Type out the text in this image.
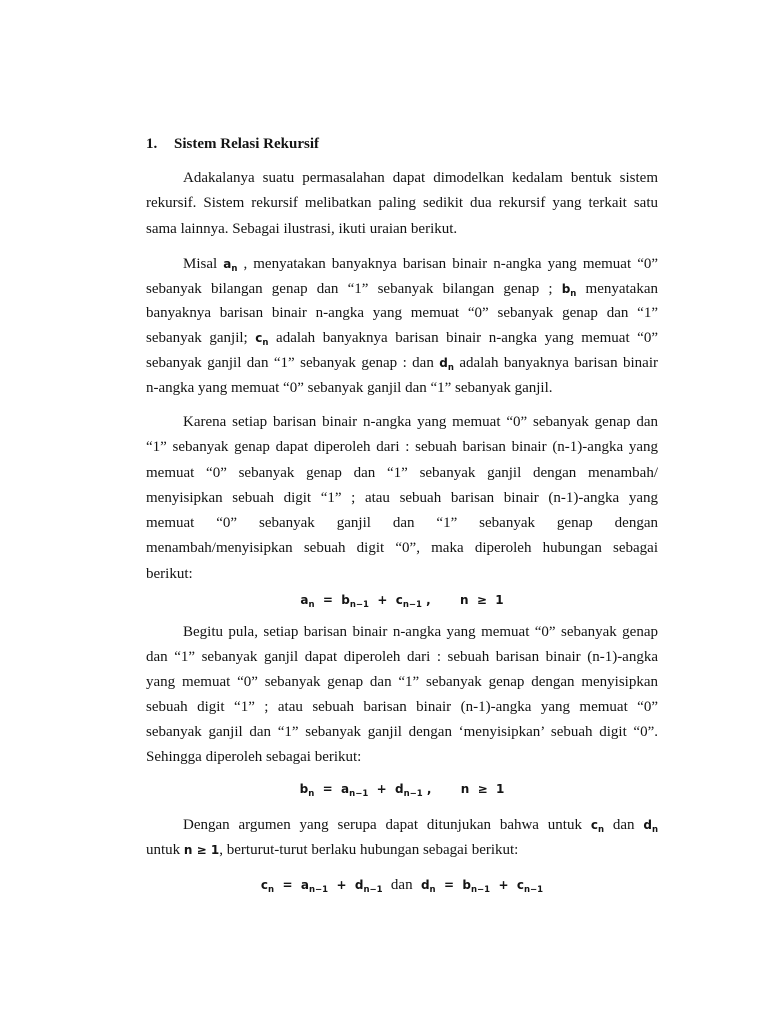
1. Sistem Relasi Rekursif
Adakalanya suatu permasalahan dapat dimodelkan kedalam bentuk sistem
rekursif. Sistem rekursif melibatkan paling sedikit dua rekursif yang terkait satu
sama lainnya. Sebagai ilustrasi, ikuti uraian berikut.
Misal $a_n$ , menyatakan banyaknya barisan binair n-angka yang memuat “0”
sebanyak bilangan genap dan “1” sebanyak bilangan genap ; $b_n$ menyatakan
banyaknya barisan binair n-angka yang memuat “0” sebanyak genap dan “1”
sebanyak ganjil; $c_n$ adalah banyaknya barisan binair n-angka yang memuat “0”
sebanyak ganjil dan “1” sebanyak genap : dan $d_n$ adalah banyaknya barisan binair
n-angka yang memuat “0” sebanyak ganjil dan “1” sebanyak ganjil.
Karena setiap barisan binair n-angka yang memuat “0” sebanyak genap dan
“1” sebanyak genap dapat diperoleh dari : sebuah barisan binair (n-1)-angka yang
memuat “0” sebanyak genap dan “1” sebanyak ganjil dengan menambah/
menyisipkan sebuah digit “1” ; atau sebuah barisan binair (n-1)-angka yang
memuat “0” sebanyak ganjil dan “1” sebanyak genap dengan
menambah/menyisipkan sebuah digit “0”, maka diperoleh hubungan sebagai
berikut:
$a_n = b_{n-1} + c_{n-1}$ , n ≥ 1
Begitu pula, setiap barisan binair n-angka yang memuat “0” sebanyak genap
dan “1” sebanyak ganjil dapat diperoleh dari : sebuah barisan binair (n-1)-angka
yang memuat “0” sebanyak genap dan “1” sebanyak genap dengan menyisipkan
sebuah digit “1” ; atau sebuah barisan binair (n-1)-angka yang memuat “0”
sebanyak ganjil dan “1” sebanyak ganjil dengan ‘menyisipkan’ sebuah digit “0”.
Sehingga diperoleh sebagai berikut:
$b_n = a_{n-1} + d_{n-1}$ , n ≥ 1
Dengan argumen yang serupa dapat ditunjukan bahwa untuk $c_n$ dan $d_n$
untuk n ≥ 1, berturut-turut berlaku hubungan sebagai berikut:
$c_n = a_{n-1} + d_{n-1}$ dan $d_n = b_{n-1} + c_{n-1}$
